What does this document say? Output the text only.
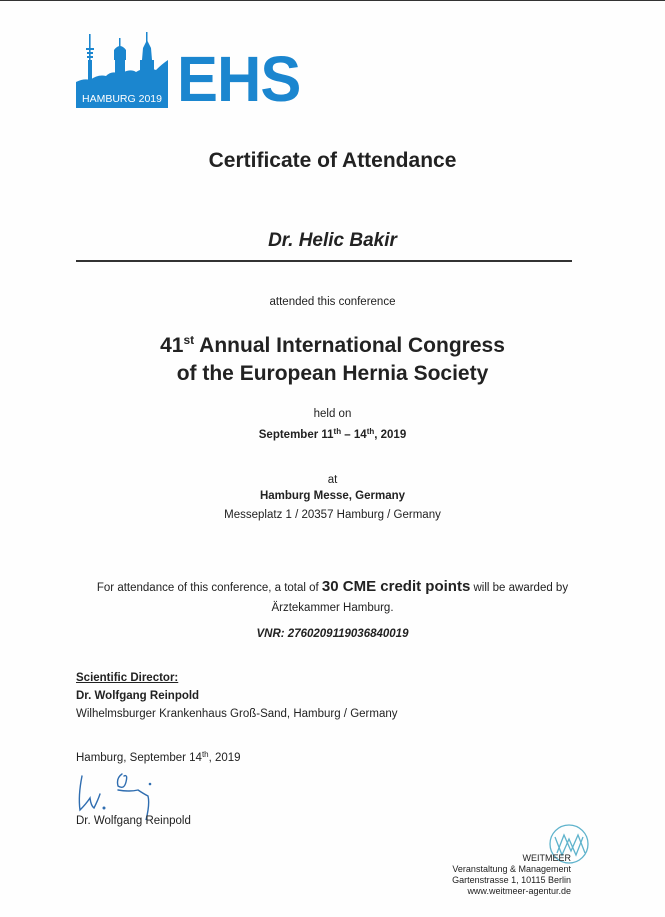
HAMBURG 2019 EHS
Certificate of Attendance
Dr. Helic Bakir
attended this conference
41st Annual International Congress
of the European Hernia Society
held on
September 11th – 14th, 2019
at
Hamburg Messe, Germany
Messeplatz 1 / 20357 Hamburg / Germany
For attendance of this conference, a total of 30 CME credit points will be awarded by
Ärztekammer Hamburg.
VNR: 2760209119036840019
Scientific Director:
Dr. Wolfgang Reinpold
Wilhelmsburger Krankenhaus Groß-Sand, Hamburg / Germany
Hamburg, September 14th, 2019
Dr. Wolfgang Reinpold
WEITMEER
Veranstaltung & Management
Gartenstrasse 1, 10115 Berlin
www.weitmeer-agentur.de
